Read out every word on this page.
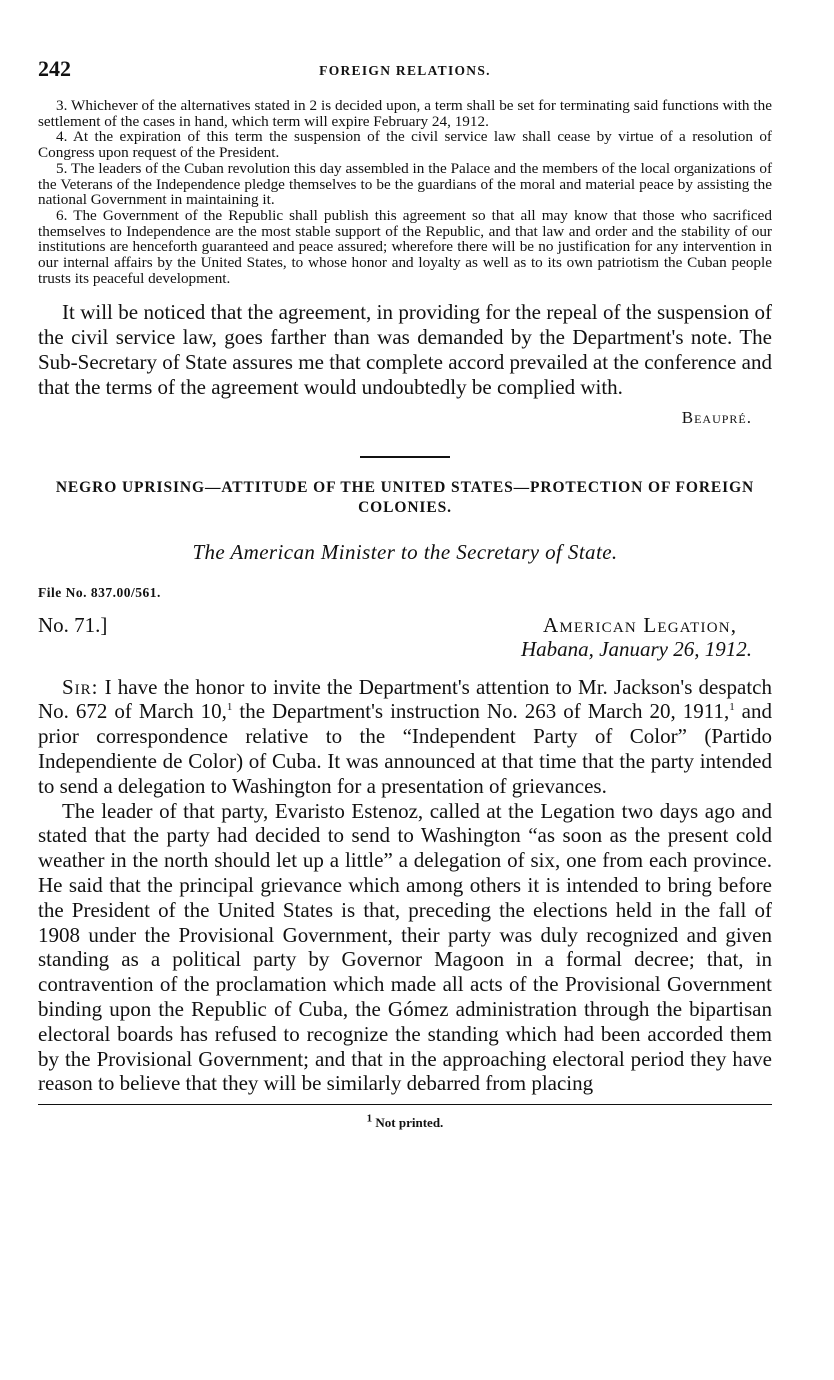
242	FOREIGN RELATIONS.

3. Whichever of the alternatives stated in 2 is decided upon, a term shall be set for terminating said functions with the settlement of the cases in hand, which term will expire February 24, 1912.

4. At the expiration of this term the suspension of the civil service law shall cease by virtue of a resolution of Congress upon request of the President.

5. The leaders of the Cuban revolution this day assembled in the Palace and the members of the local organizations of the Veterans of the Independence pledge themselves to be the guardians of the moral and material peace by assisting the national Government in maintaining it.

6. The Government of the Republic shall publish this agreement so that all may know that those who sacrificed themselves to Independence are the most stable support of the Republic, and that law and order and the stability of our institutions are henceforth guaranteed and peace assured; wherefore there will be no justification for any intervention in our internal affairs by the United States, to whose honor and loyalty as well as to its own patriotism the Cuban people trusts its peaceful development.

It will be noticed that the agreement, in providing for the repeal of the suspension of the civil service law, goes farther than was demanded by the Department's note. The Sub-Secretary of State assures me that complete accord prevailed at the conference and that the terms of the agreement would undoubtedly be complied with.

Beaupré.
NEGRO UPRISING—ATTITUDE OF THE UNITED STATES—PROTECTION OF FOREIGN COLONIES.
The American Minister to the Secretary of State.
File No. 837.00/561.
No. 71.]	American Legation,
Habana, January 26, 1912.

Sir: I have the honor to invite the Department's attention to Mr. Jackson's despatch No. 672 of March 10,$^1$ the Department's instruction No. 263 of March 20, 1911,$^1$ and prior correspondence relative to the “Independent Party of Color” (Partido Independiente de Color) of Cuba. It was announced at that time that the party intended to send a delegation to Washington for a presentation of grievances.

The leader of that party, Evaristo Estenoz, called at the Legation two days ago and stated that the party had decided to send to Washington “as soon as the present cold weather in the north should let up a little” a delegation of six, one from each province. He said that the principal grievance which among others it is intended to bring before the President of the United States is that, preceding the elections held in the fall of 1908 under the Provisional Government, their party was duly recognized and given standing as a political party by Governor Magoon in a formal decree; that, in contravention of the proclamation which made all acts of the Provisional Government binding upon the Republic of Cuba, the Gómez administration through the bipartisan electoral boards has refused to recognize the standing which had been accorded them by the Provisional Government; and that in the approaching electoral period they have reason to believe that they will be similarly debarred from placing

$^1$ Not printed.
